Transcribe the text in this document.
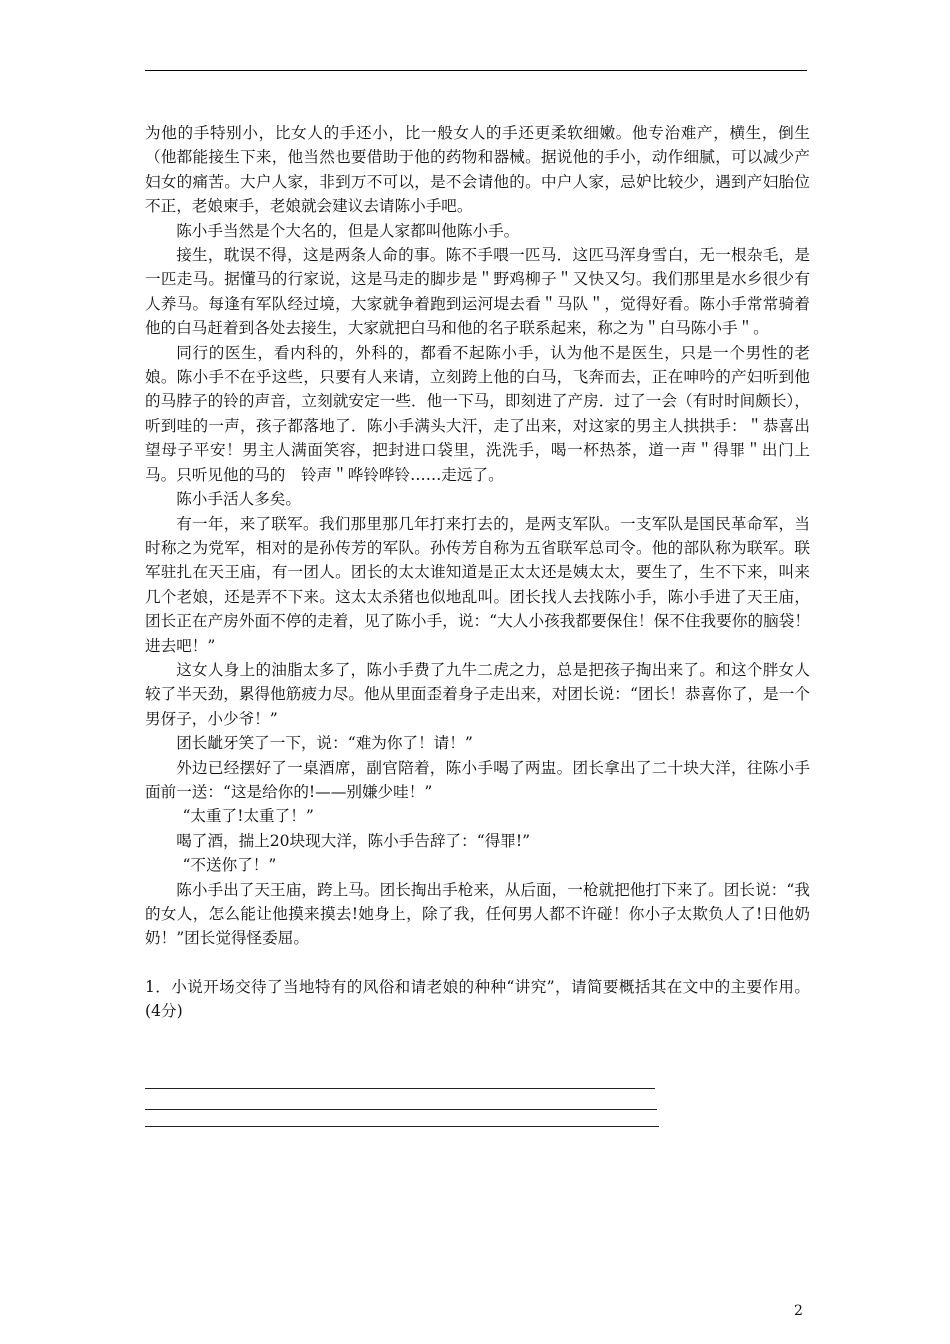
为他的手特别小，比女人的手还小，比一般女人的手还更柔软细嫩。他专治难产，横生，倒生（他都能接生下来，他当然也要借助于他的药物和器械。据说他的手小，动作细腻，可以减少产妇女的痛苦。大户人家，非到万不可以，是不会请他的。中户人家，忌妒比较少，遇到产妇胎位不正，老娘柬手，老娘就会建议去请陈小手吧。

陈小手当然是个大名的，但是人家都叫他陈小手。

接生，耽误不得，这是两条人命的事。陈不手喂一匹马．这匹马浑身雪白，无一根杂毛，是一匹走马。据懂马的行家说，这是马走的脚步是＂野鸡柳子＂又快又匀。我们那里是水乡很少有人养马。每逢有军队经过境，大家就争着跑到运河堤去看＂马队＂，觉得好看。陈小手常常骑着他的白马赶着到各处去接生，大家就把白马和他的名子联系起来，称之为＂白马陈小手＂。

同行的医生，看内科的，外科的，都看不起陈小手，认为他不是医生，只是一个男性的老娘。陈小手不在乎这些，只要有人来请，立刻跨上他的白马，飞奔而去，正在呻吟的产妇听到他的马脖子的铃的声音，立刻就安定一些．他一下马，即刻进了产房．过了一会（有时时间颇长），听到哇的一声，孩子都落地了．陈小手满头大汗，走了出来，对这家的男主人拱拱手：＂恭喜出望母子平安！男主人满面笑容，把封进口袋里，洗洗手，喝一杯热茶，道一声＂得罪＂出门上马。只听见他的马的　铃声＂哗铃哗铃……走远了。

陈小手活人多矣。

有一年，来了联军。我们那里那几年打来打去的，是两支军队。一支军队是国民革命军，当时称之为党军，相对的是孙传芳的军队。孙传芳自称为五省联军总司令。他的部队称为联军。联军驻扎在天王庙，有一团人。团长的太太谁知道是正太太还是姨太太，要生了，生不下来，叫来几个老娘，还是弄不下来。这太太杀猪也似地乱叫。团长找人去找陈小手，陈小手进了天王庙，团长正在产房外面不停的走着，见了陈小手，说：“大人小孩我都要保住！保不住我要你的脑袋！进去吧！”

这女人身上的油脂太多了，陈小手费了九牛二虎之力，总是把孩子掏出来了。和这个胖女人较了半天劲，累得他筋疲力尽。他从里面歪着身子走出来，对团长说：“团长！恭喜你了，是一个男伢子，小少爷！”

团长龇牙笑了一下，说：“难为你了！请！”

外边已经摆好了一桌酒席，副官陪着，陈小手喝了两盅。团长拿出了二十块大洋，往陈小手面前一送：“这是给你的!——别嫌少哇！”

“太重了!太重了！”

喝了酒，揣上20块现大洋，陈小手告辞了：“得罪!”

“不送你了！”

陈小手出了天王庙，跨上马。团长掏出手枪来，从后面，一枪就把他打下来了。团长说：“我的女人，怎么能让他摸来摸去!她身上，除了我，任何男人都不许碰！你小子太欺负人了!日他奶奶！”团长觉得怪委屈。

1．小说开场交待了当地特有的风俗和请老娘的种种“讲究”，请简要概括其在文中的主要作用。(4分)

2
